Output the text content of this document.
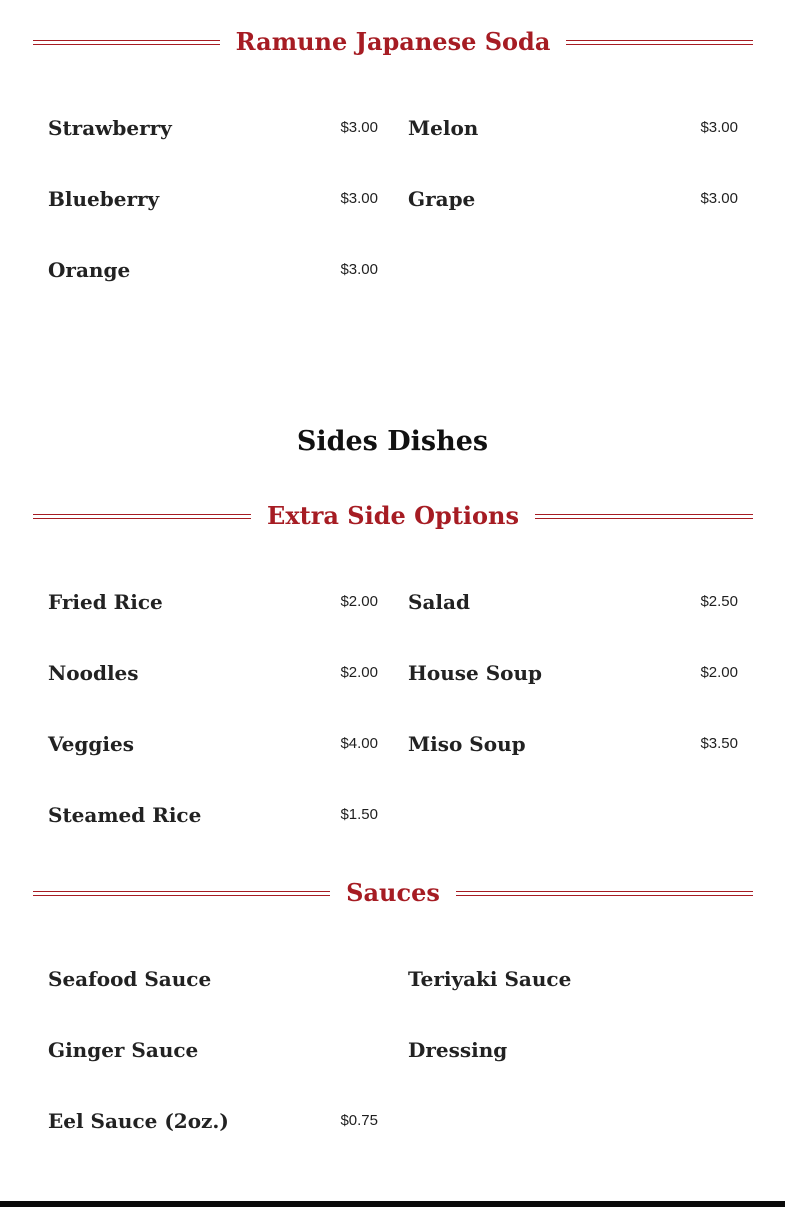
Ramune Japanese Soda
Strawberry	$3.00
Blueberry	$3.00
Orange	$3.00
Melon	$3.00
Grape	$3.00
Sides Dishes
Extra Side Options
Fried Rice	$2.00
Noodles	$2.00
Veggies	$4.00
Steamed Rice	$1.50
Salad	$2.50
House Soup	$2.00
Miso Soup	$3.50
Sauces
Seafood Sauce
Ginger Sauce
Eel Sauce (2oz.)	$0.75
Teriyaki Sauce
Dressing
